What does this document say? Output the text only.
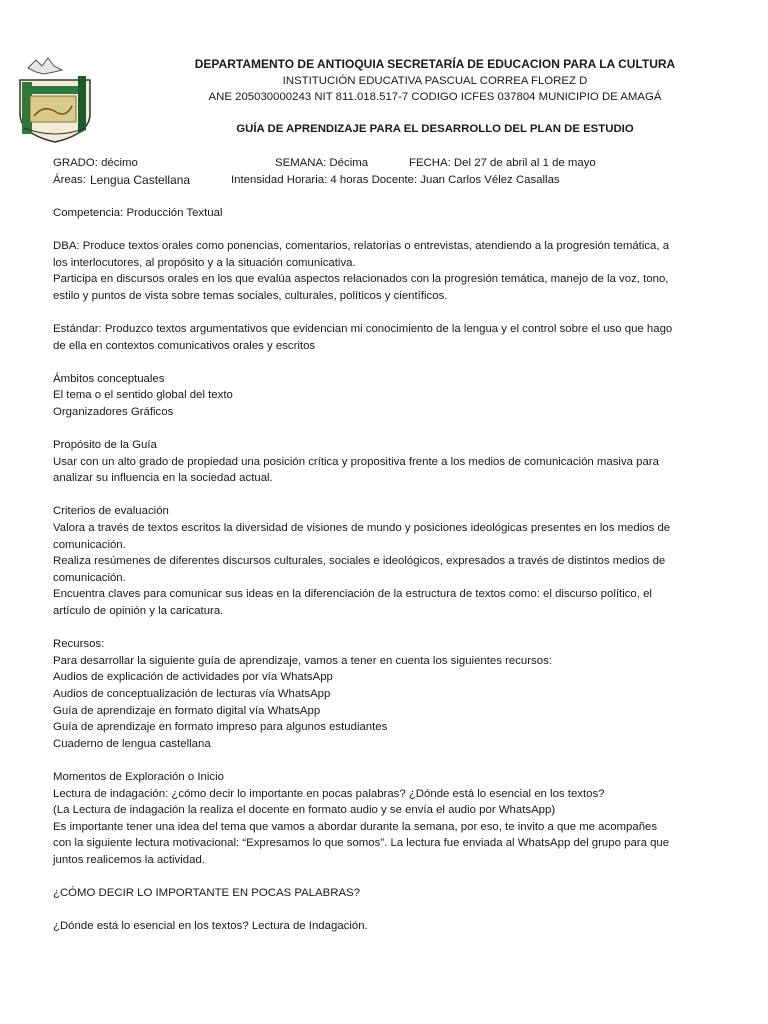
DEPARTAMENTO DE ANTIOQUIA SECRETARÍA DE EDUCACION PARA LA CULTURA
INSTITUCIÓN EDUCATIVA PASCUAL CORREA FLOREZ D
ANE 205030000243 NIT 811.018.517-7 CODIGO ICFES 037804 MUNICIPIO DE AMAGÁ
GUÍA DE APRENDIZAJE PARA EL DESARROLLO DEL PLAN DE ESTUDIO
GRADO: décimo	SEMANA: Décima	FECHA: Del 27 de abril al 1 de mayo
Áreas: Lengua Castellana	Intensidad Horaria: 4 horas Docente: Juan Carlos Vélez Casallas

Competencia: Producción Textual

DBA: Produce textos orales como ponencias, comentarios, relatorías o entrevistas, atendiendo a la progresión temática, a

los interlocutores, al propósito y a la situación comunicativa.

Participa en discursos orales en los que evalúa aspectos relacionados con la progresión temática, manejo de la voz, tono,

estilo y puntos de vista sobre temas sociales, culturales, políticos y científicos.

Estándar: Produzco textos argumentativos que evidencian mi conocimiento de la lengua y el control sobre el uso que hago

de ella en contextos comunicativos orales y escritos

Ámbitos conceptuales

El tema o el sentido global del texto

Organizadores Gráficos

Propósito de la Guía

Usar con un alto grado de propiedad una posición crítica y propositiva frente a los medios de comunicación masiva para

analizar su influencia en la sociedad actual.

Criterios de evaluación

Valora a través de textos escritos la diversidad de visiones de mundo y posiciones ideológicas presentes en los medios de

comunicación.

Realiza resúmenes de diferentes discursos culturales, sociales e ideológicos, expresados a través de distintos medios de

comunicación.

Encuentra claves para comunicar sus ideas en la diferenciación de la estructura de textos como: el discurso político, el

artículo de opinión y la caricatura.

Recursos:

Para desarrollar la siguiente guía de aprendizaje, vamos a tener en cuenta los siguientes recursos:

Audios de explicación de actividades por vía WhatsApp

Audios de conceptualización de lecturas vía WhatsApp

Guía de aprendizaje en formato digital vía WhatsApp

Guía de aprendizaje en formato impreso para algunos estudiantes

Cuaderno de lengua castellana

Momentos de Exploración o Inicio

Lectura de indagación: ¿cómo decir lo importante en pocas palabras? ¿Dónde está lo esencial en los textos?

(La Lectura de indagación la realiza el docente en formato audio y se envía el audio por WhatsApp)

Es importante tener una idea del tema que vamos a abordar durante la semana, por eso, te invito a que me acompañes

con la siguiente lectura motivacional: “Expresamos lo que somos”. La lectura fue enviada al WhatsApp del grupo para que

juntos realicemos la actividad.

¿CÓMO DECIR LO IMPORTANTE EN POCAS PALABRAS?

¿Dónde está lo esencial en los textos? Lectura de Indagación.
